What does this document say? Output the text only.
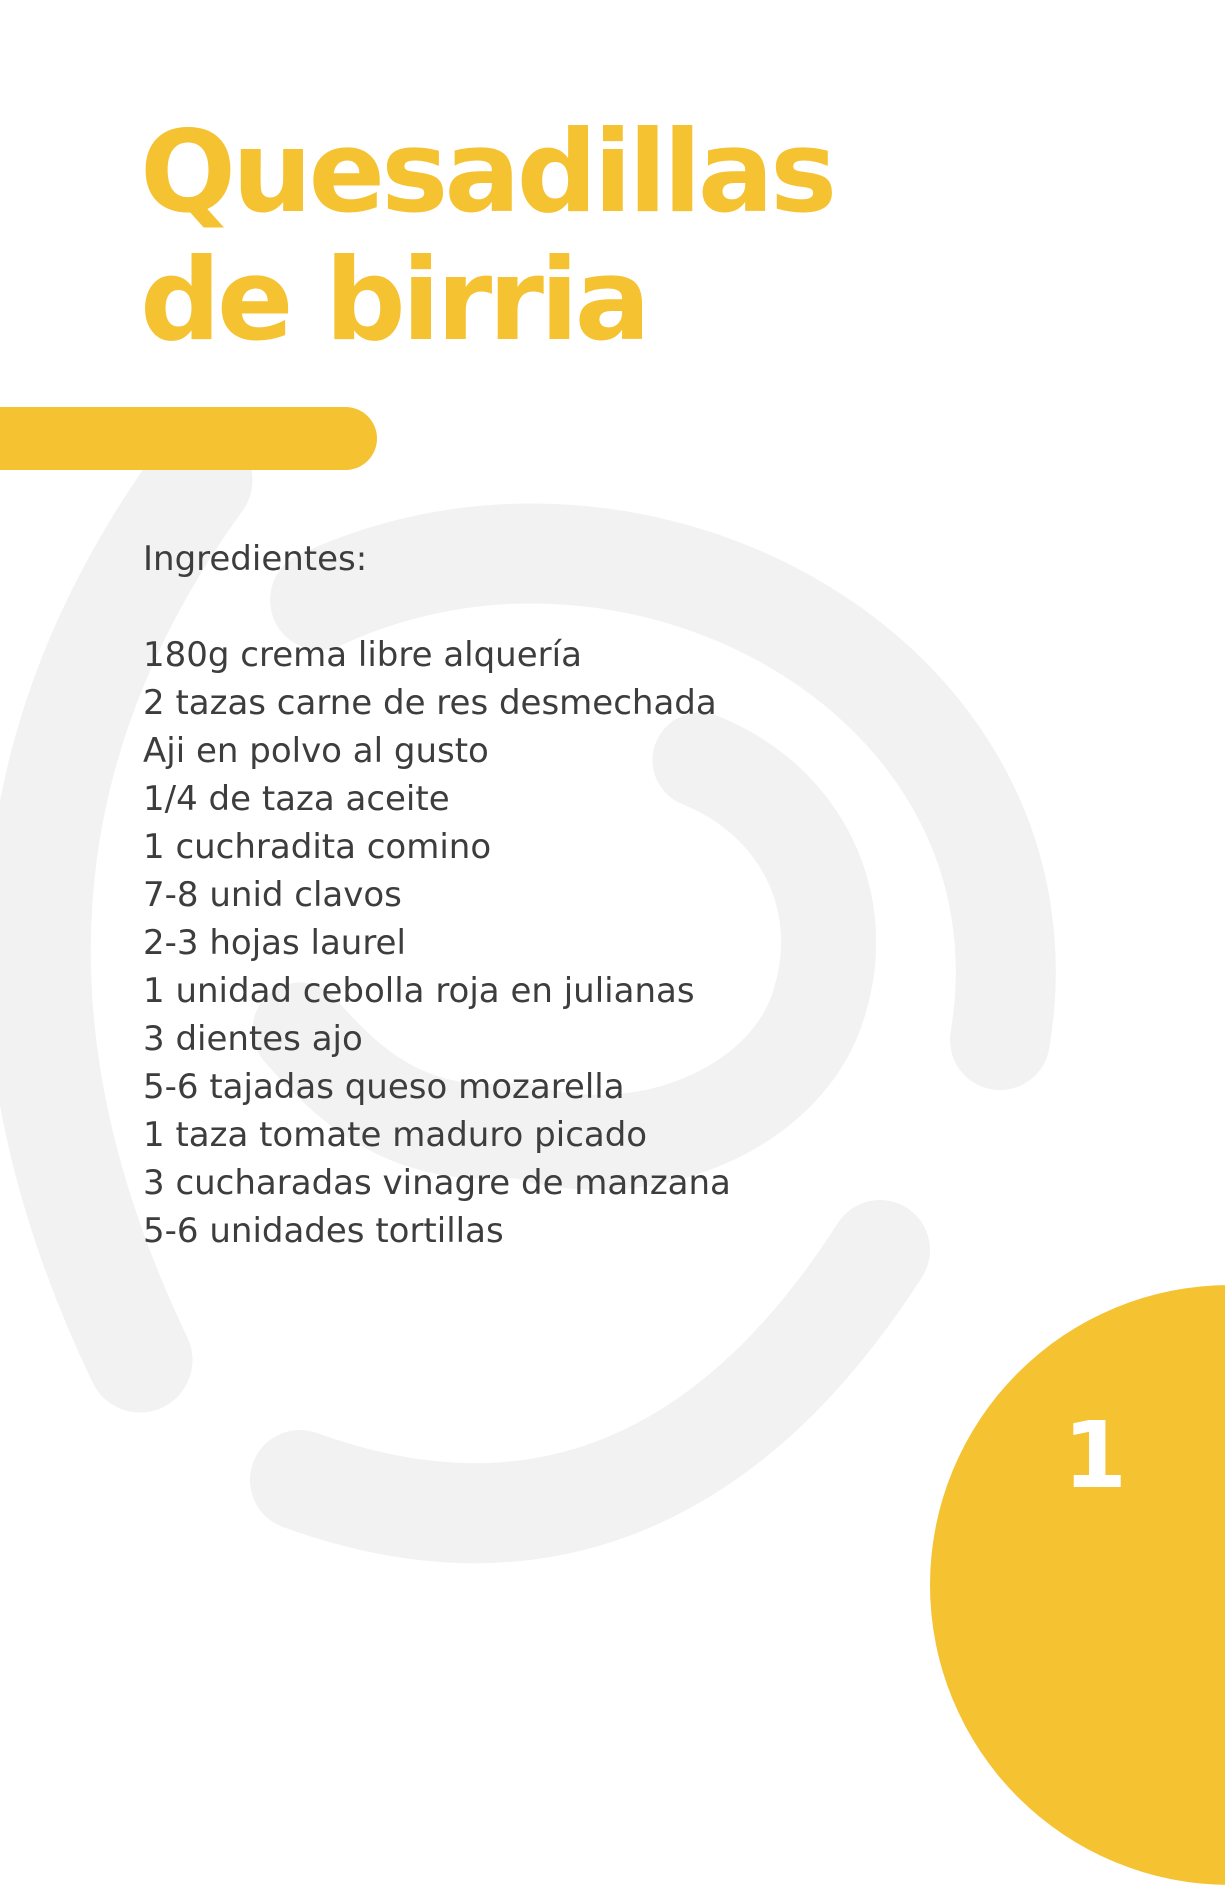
Quesadillas
de birria
Ingredientes:
180g crema libre alquería
2 tazas carne de res desmechada
Aji en polvo al gusto
1/4 de taza aceite
1 cuchradita comino
7-8 unid clavos
2-3 hojas laurel
1 unidad cebolla roja en julianas
3 dientes ajo
5-6 tajadas queso mozarella
1 taza tomate maduro picado
3 cucharadas vinagre de manzana
5-6 unidades tortillas
1
